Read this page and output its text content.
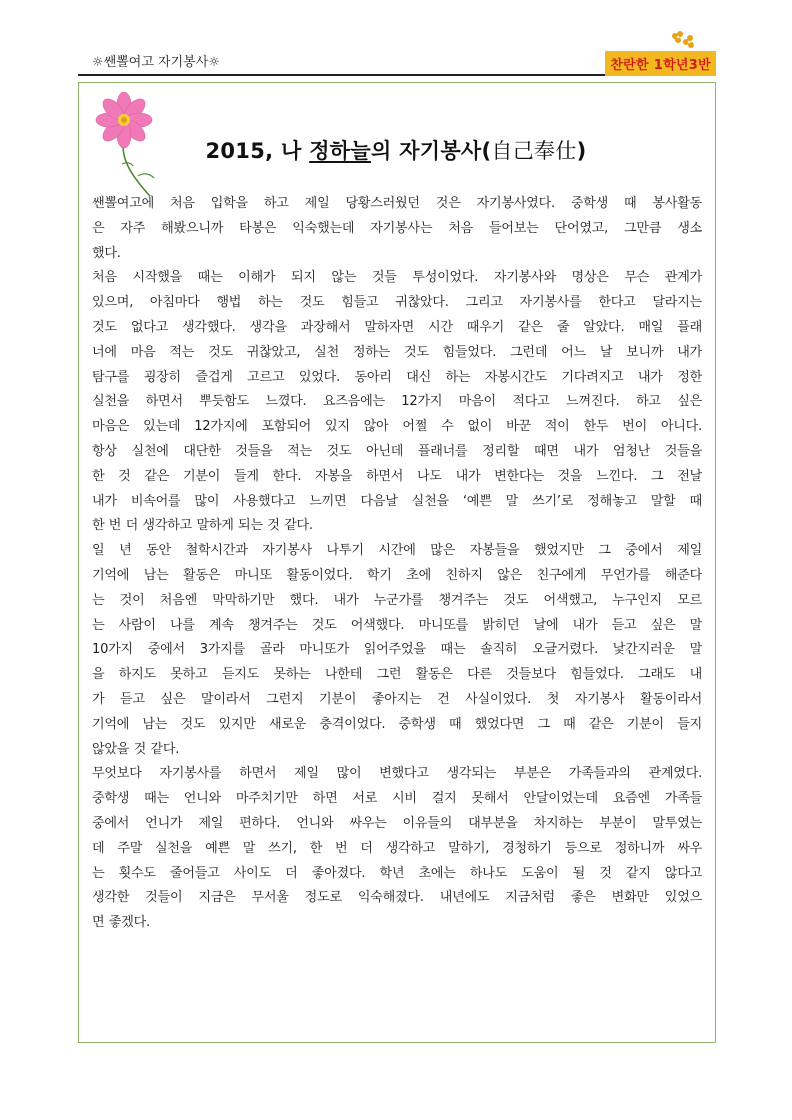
☼쌘뽈여고 자기봉사☼	찬란한 1학년3반
2015, 나 정하늘의 자기봉사(自己奉仕)
쌘뽈여고에 처음 입학을 하고 제일 당황스러웠던 것은 자기봉사였다. 중학생 때 봉사활동
은 자주 해봤으니까 타봉은 익숙했는데 자기봉사는 처음 들어보는 단어였고, 그만큼 생소
했다.
처음 시작했을 때는 이해가 되지 않는 것들 투성이었다. 자기봉사와 명상은 무슨 관계가
있으며, 아침마다 행법 하는 것도 힘들고 귀찮았다. 그리고 자기봉사를 한다고 달라지는
것도 없다고 생각했다. 생각을 과장해서 말하자면 시간 때우기 같은 줄 알았다. 매일 플래
너에 마음 적는 것도 귀찮았고, 실천 정하는 것도 힘들었다. 그런데 어느 날 보니까 내가
탐구를 굉장히 즐겁게 고르고 있었다. 동아리 대신 하는 자봉시간도 기다려지고 내가 정한
실천을 하면서 뿌듯함도 느꼈다. 요즈음에는 12가지 마음이 적다고 느껴진다. 하고 싶은
마음은 있는데 12가지에 포함되어 있지 않아 어쩔 수 없이 바꾼 적이 한두 번이 아니다.
항상 실천에 대단한 것들을 적는 것도 아닌데 플래너를 정리할 때면 내가 엄청난 것들을
한 것 같은 기분이 들게 한다. 자봉을 하면서 나도 내가 변한다는 것을 느낀다. 그 전날
내가 비속어를 많이 사용했다고 느끼면 다음날 실천을 ‘예쁜 말 쓰기’로 정해놓고 말할 때
한 번 더 생각하고 말하게 되는 것 같다.
일 년 동안 철학시간과 자기봉사 나투기 시간에 많은 자봉들을 했었지만 그 중에서 제일
기억에 남는 활동은 마니또 활동이었다. 학기 초에 친하지 않은 친구에게 무언가를 해준다
는 것이 처음엔 막막하기만 했다. 내가 누군가를 챙겨주는 것도 어색했고, 누구인지 모르
는 사람이 나를 계속 챙겨주는 것도 어색했다. 마니또를 밝히던 날에 내가 듣고 싶은 말
10가지 중에서 3가지를 골라 마니또가 읽어주었을 때는 솔직히 오글거렸다. 낯간지러운 말
을 하지도 못하고 듣지도 못하는 나한테 그런 활동은 다른 것들보다 힘들었다. 그래도 내
가 듣고 싶은 말이라서 그런지 기분이 좋아지는 건 사실이었다. 첫 자기봉사 활동이라서
기억에 남는 것도 있지만 새로운 충격이었다. 중학생 때 했었다면 그 때 같은 기분이 들지
않았을 것 같다.
무엇보다 자기봉사를 하면서 제일 많이 변했다고 생각되는 부분은 가족들과의 관계였다.
중학생 때는 언니와 마주치기만 하면 서로 시비 걸지 못해서 안달이었는데 요즘엔 가족들
중에서 언니가 제일 편하다. 언니와 싸우는 이유들의 대부분을 차지하는 부분이 말투였는
데 주말 실천을 예쁜 말 쓰기, 한 번 더 생각하고 말하기, 경청하기 등으로 정하니까 싸우
는 횟수도 줄어들고 사이도 더 좋아졌다. 학년 초에는 하나도 도움이 될 것 같지 않다고
생각한 것들이 지금은 무서울 정도로 익숙해졌다. 내년에도 지금처럼 좋은 변화만 있었으
면 좋겠다.
